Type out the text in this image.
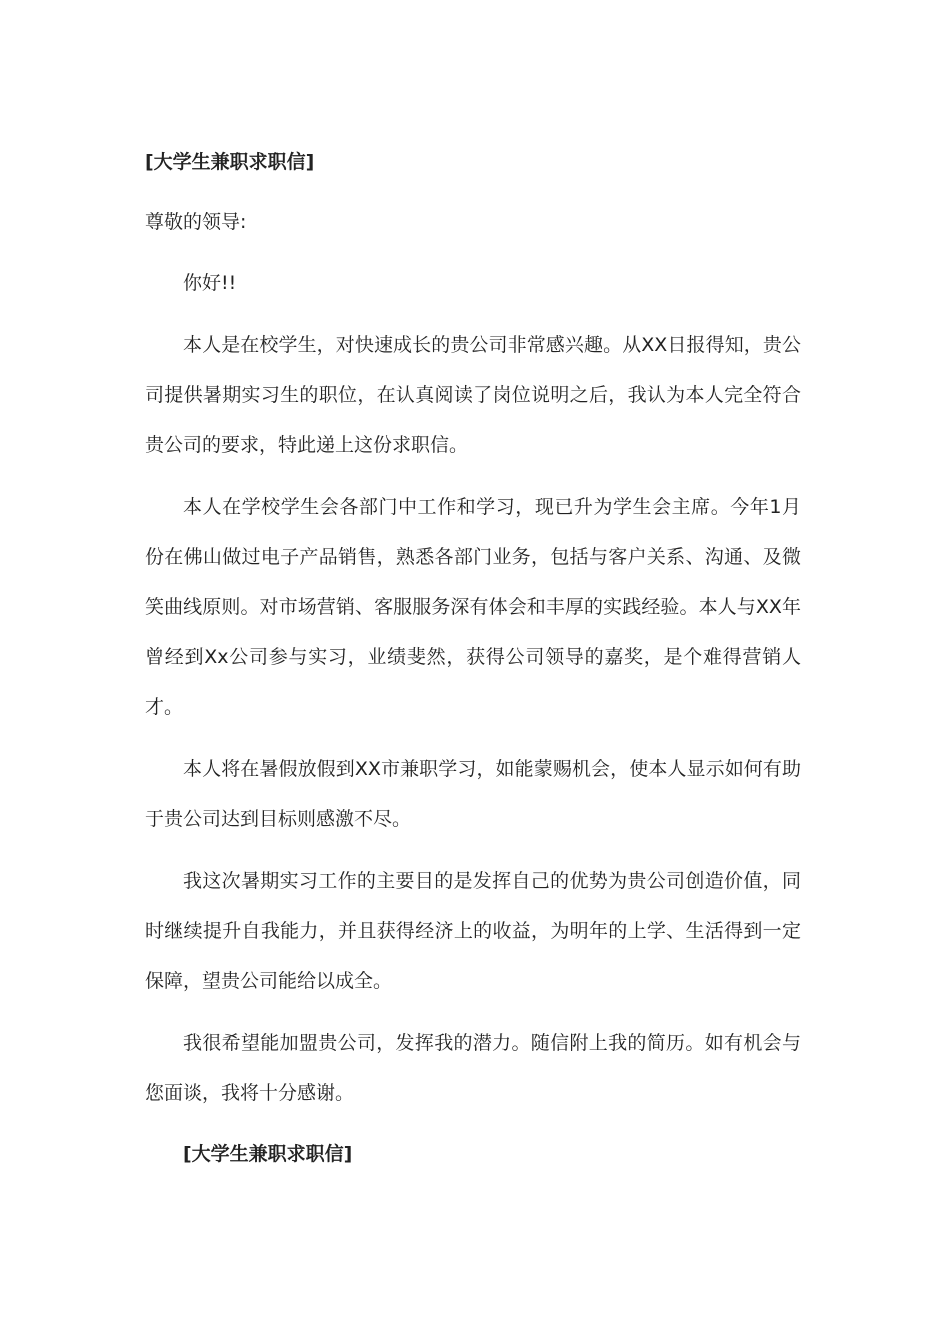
[大学生兼职求职信]

尊敬的领导:

你好!!

本人是在校学生，对快速成长的贵公司非常感兴趣。从XX日报得知，贵公司提供暑期实习生的职位，在认真阅读了岗位说明之后，我认为本人完全符合贵公司的要求，特此递上这份求职信。

本人在学校学生会各部门中工作和学习，现已升为学生会主席。今年1月份在佛山做过电子产品销售，熟悉各部门业务，包括与客户关系、沟通、及微笑曲线原则。对市场营销、客服服务深有体会和丰厚的实践经验。本人与XX年曾经到Xx公司参与实习，业绩斐然，获得公司领导的嘉奖，是个难得营销人才。

本人将在暑假放假到XX市兼职学习，如能蒙赐机会，使本人显示如何有助于贵公司达到目标则感激不尽。

我这次暑期实习工作的主要目的是发挥自己的优势为贵公司创造价值，同时继续提升自我能力，并且获得经济上的收益，为明年的上学、生活得到一定保障，望贵公司能给以成全。

我很希望能加盟贵公司，发挥我的潜力。随信附上我的简历。如有机会与您面谈，我将十分感谢。

[大学生兼职求职信]
